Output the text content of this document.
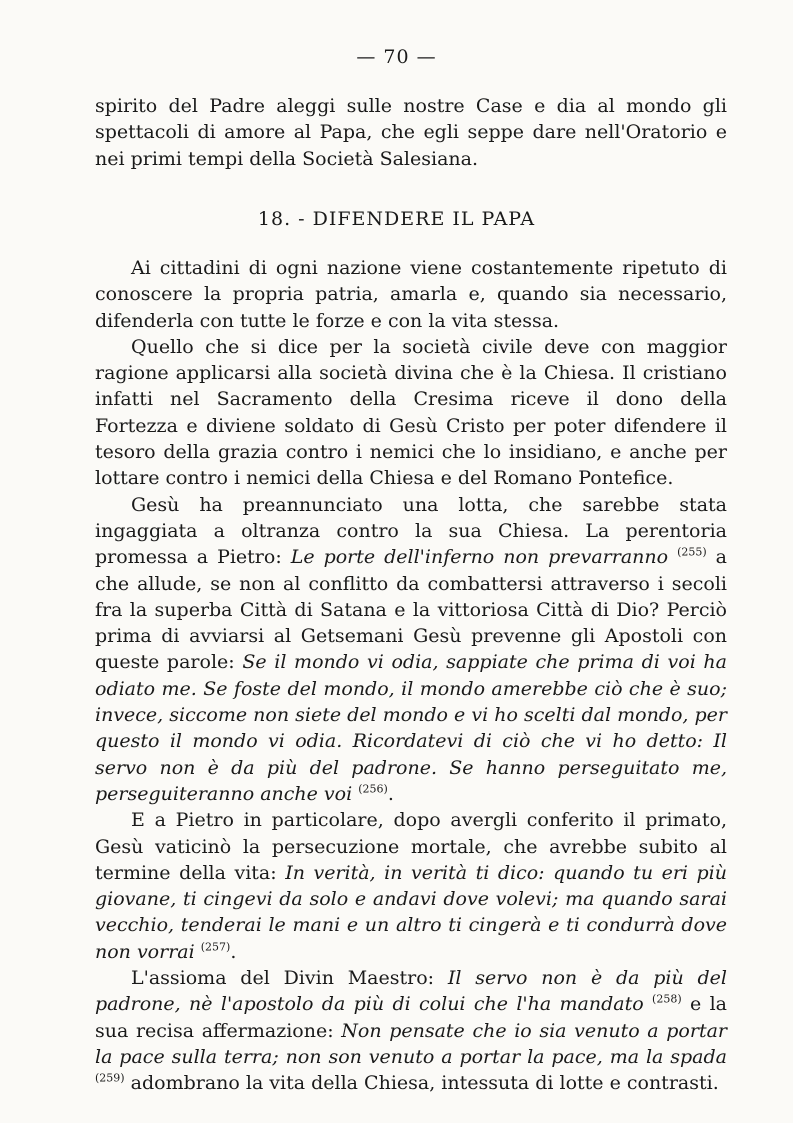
— 70 —

spirito del Padre aleggi sulle nostre Case e dia al mondo gli spettacoli di amore al Papa, che egli seppe dare nell'Oratorio e nei primi tempi della Società Salesiana.

18. - DIFENDERE IL PAPA

Ai cittadini di ogni nazione viene costantemente ripetuto di conoscere la propria patria, amarla e, quando sia necessario, difenderla con tutte le forze e con la vita stessa.

Quello che si dice per la società civile deve con maggior ragione applicarsi alla società divina che è la Chiesa. Il cristiano infatti nel Sacramento della Cresima riceve il dono della Fortezza e diviene soldato di Gesù Cristo per poter difendere il tesoro della grazia contro i nemici che lo insidiano, e anche per lottare contro i nemici della Chiesa e del Romano Pontefice.

Gesù ha preannunciato una lotta, che sarebbe stata ingaggiata a oltranza contro la sua Chiesa. La perentoria promessa a Pietro: Le porte dell'inferno non prevarranno $^{(255)}$ a che allude, se non al conflitto da combattersi attraverso i secoli fra la superba Città di Satana e la vittoriosa Città di Dio? Perciò prima di avviarsi al Getsemani Gesù prevenne gli Apostoli con queste parole: Se il mondo vi odia, sappiate che prima di voi ha odiato me. Se foste del mondo, il mondo amerebbe ciò che è suo; invece, siccome non siete del mondo e vi ho scelti dal mondo, per questo il mondo vi odia. Ricordatevi di ciò che vi ho detto: Il servo non è da più del padrone. Se hanno perseguitato me, perseguiteranno anche voi $^{(256)}$.

E a Pietro in particolare, dopo avergli conferito il primato, Gesù vaticinò la persecuzione mortale, che avrebbe subito al termine della vita: In verità, in verità ti dico: quando tu eri più giovane, ti cingevi da solo e andavi dove volevi; ma quando sarai vecchio, tenderai le mani e un altro ti cingerà e ti condurrà dove non vorrai $^{(257)}$.

L'assioma del Divin Maestro: Il servo non è da più del padrone, nè l'apostolo da più di colui che l'ha mandato $^{(258)}$ e la sua recisa affermazione: Non pensate che io sia venuto a portar la pace sulla terra; non son venuto a portar la pace, ma la spada $^{(259)}$ adombrano la vita della Chiesa, intessuta di lotte e contrasti.
